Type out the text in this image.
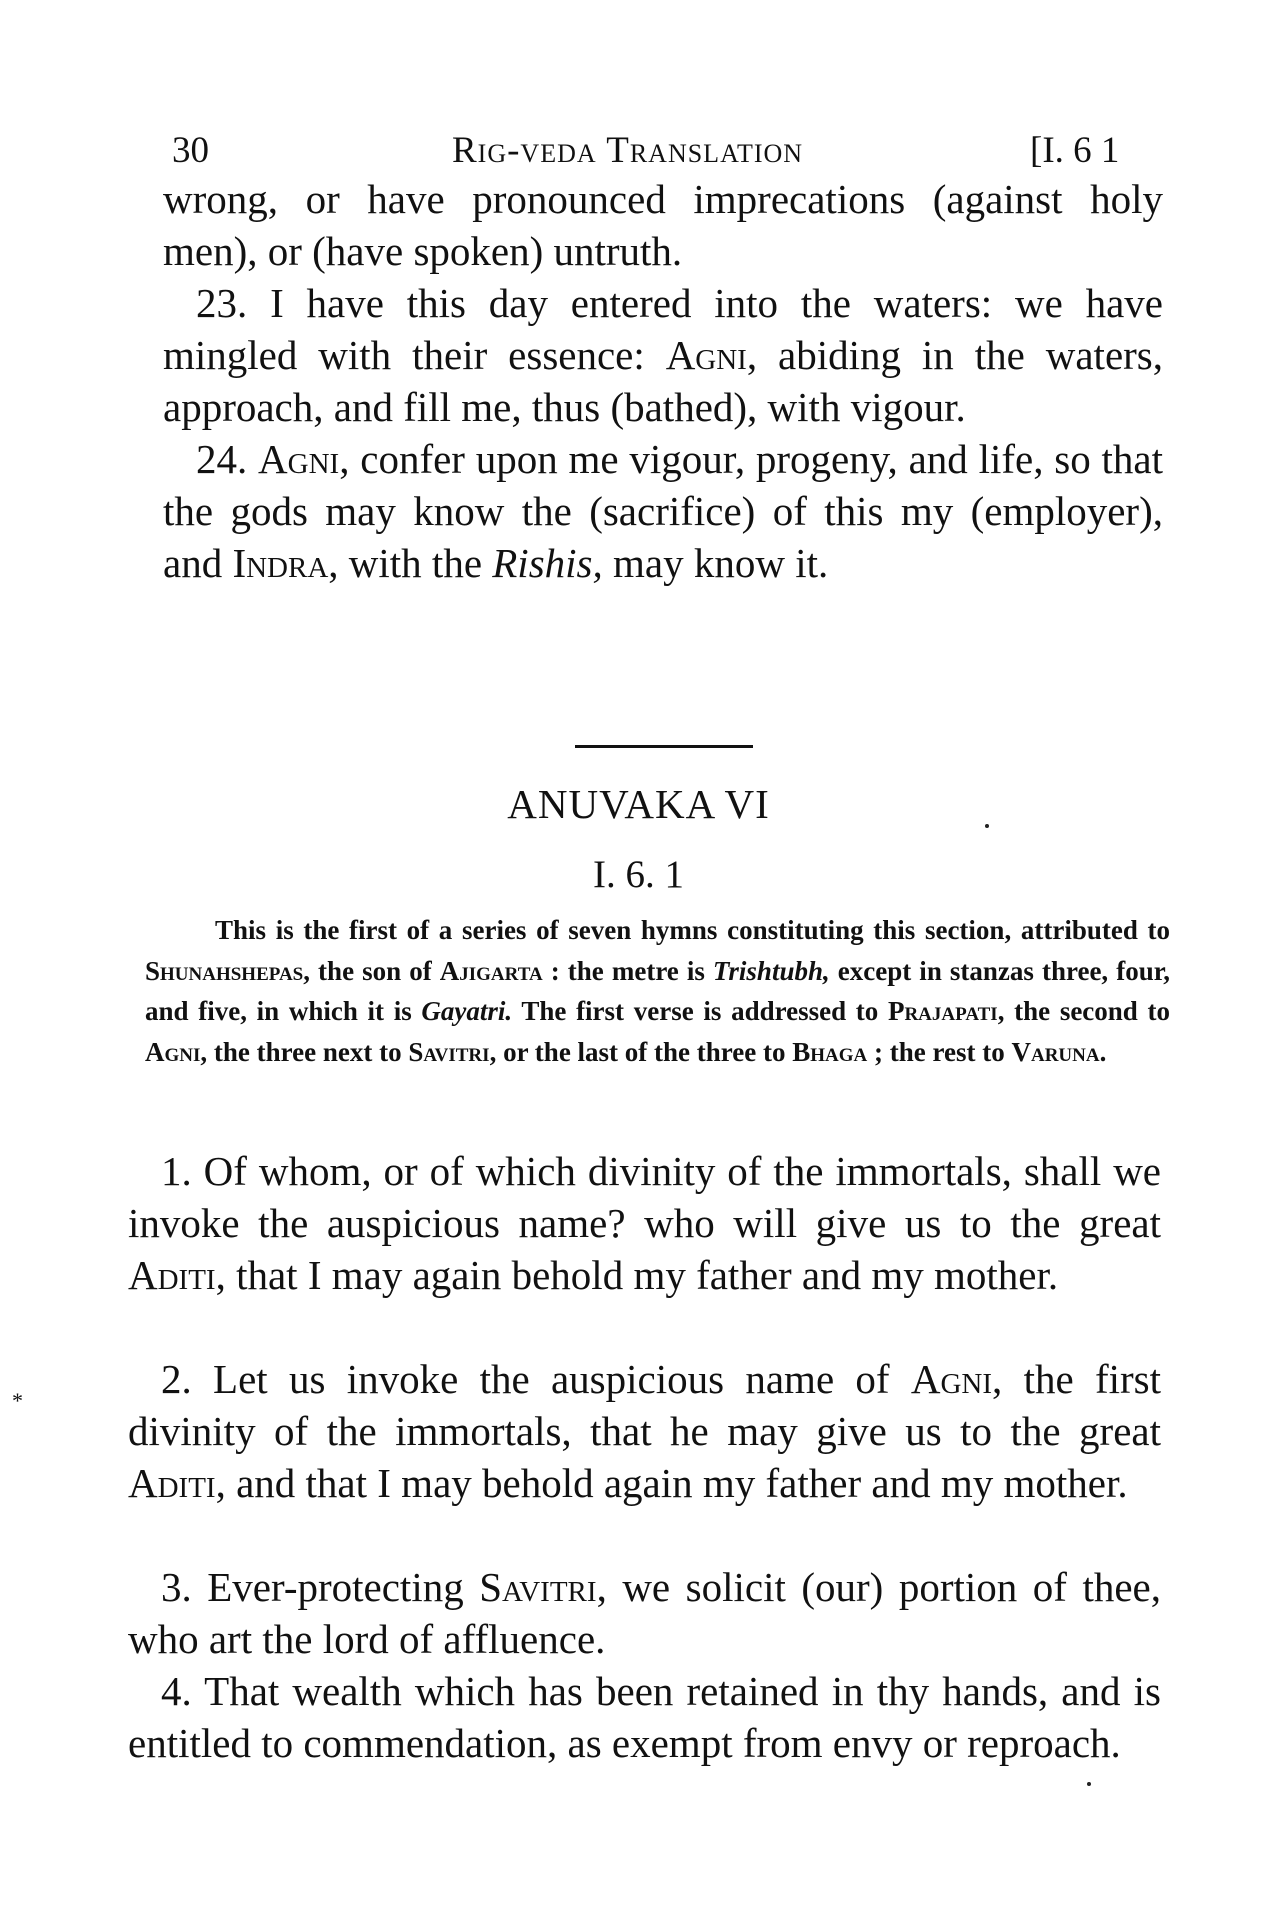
30	Rig-veda Translation	[I. 6 1

wrong, or have pronounced imprecations (against holy men), or (have spoken) untruth.

23. I have this day entered into the waters: we have mingled with their essence: Agni, abiding in the waters, approach, and fill me, thus (bathed), with vigour.

24. Agni, confer upon me vigour, progeny, and life, so that the gods may know the (sacrifice) of this my (employer), and Indra, with the Rishis, may know it.

ANUVAKA VI
I. 6. 1

This is the first of a series of seven hymns constituting this section, attributed to Shunahshepas, the son of Ajigarta : the metre is Trishtubh, except in stanzas three, four, and five, in which it is Gayatri. The first verse is addressed to Prajapati, the second to Agni, the three next to Savitri, or the last of the three to Bhaga ; the rest to Varuna.

1. Of whom, or of which divinity of the immortals, shall we invoke the auspicious name? who will give us to the great Aditi, that I may again behold my father and my mother.

2. Let us invoke the auspicious name of Agni, the first divinity of the immortals, that he may give us to the great Aditi, and that I may behold again my father and my mother.

3. Ever-protecting Savitri, we solicit (our) portion of thee, who art the lord of affluence.

4. That wealth which has been retained in thy hands, and is entitled to commendation, as exempt from envy or reproach.

*
